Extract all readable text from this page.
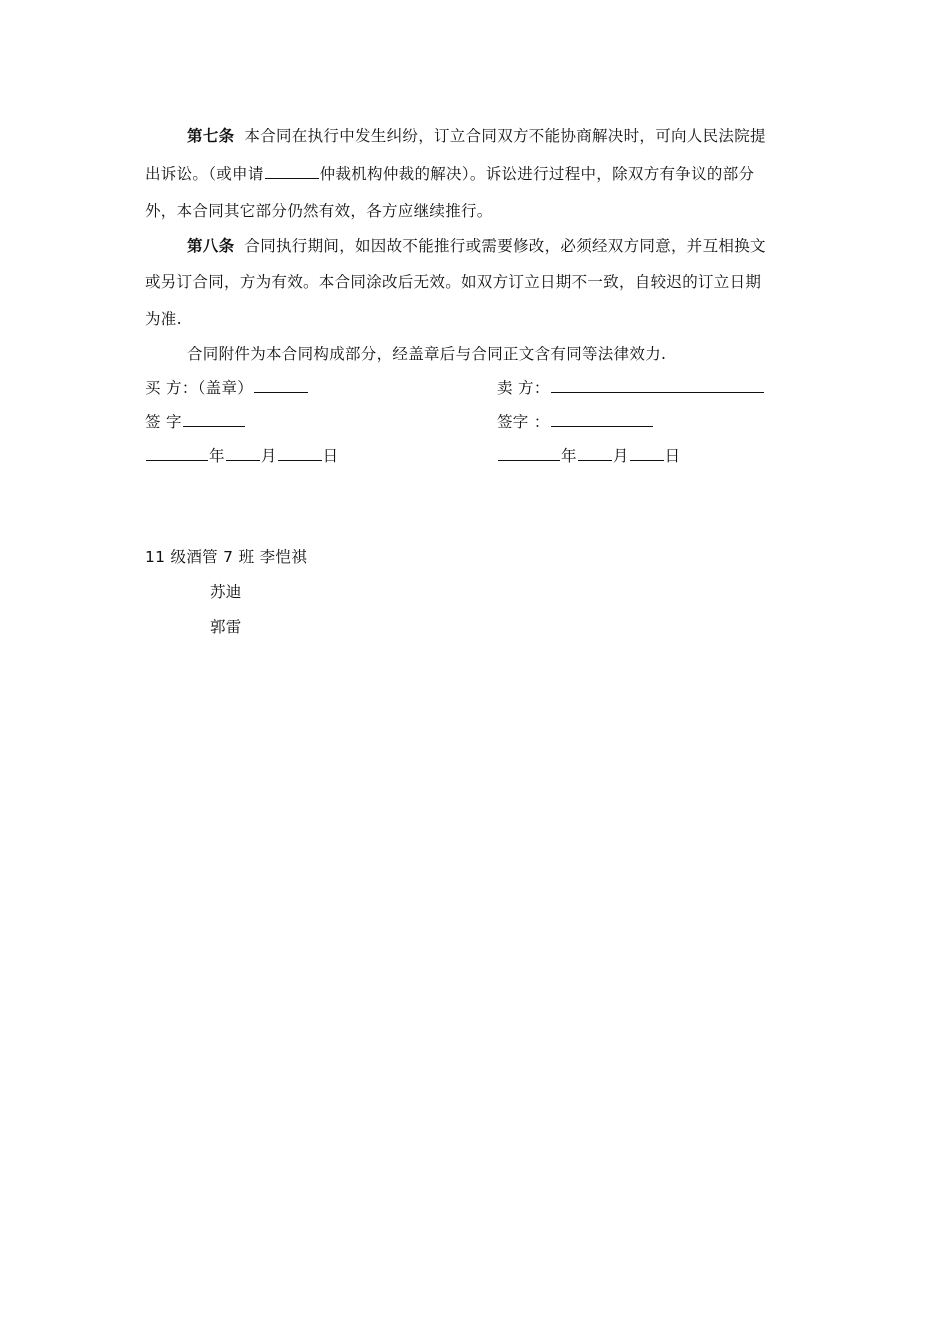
第七条 本合同在执行中发生纠纷，订立合同双方不能协商解决时，可向人民法院提
出诉讼。（或申请	仲裁机构仲裁的解决）。诉讼进行过程中，除双方有争议的部分
外，本合同其它部分仍然有效，各方应继续推行。
第八条 合同执行期间，如因故不能推行或需要修改，必须经双方同意，并互相换文
或另订合同，方为有效。本合同涂改后无效。如双方订立日期不一致，自较迟的订立日期
为准.
合同附件为本合同构成部分，经盖章后与合同正文含有同等法律效力.
买 方：（盖章）
签 字
年 月	日
卖 方：
签字 ：
年 月 日
11 级酒管 7 班 李恺祺
苏迪
郭雷
